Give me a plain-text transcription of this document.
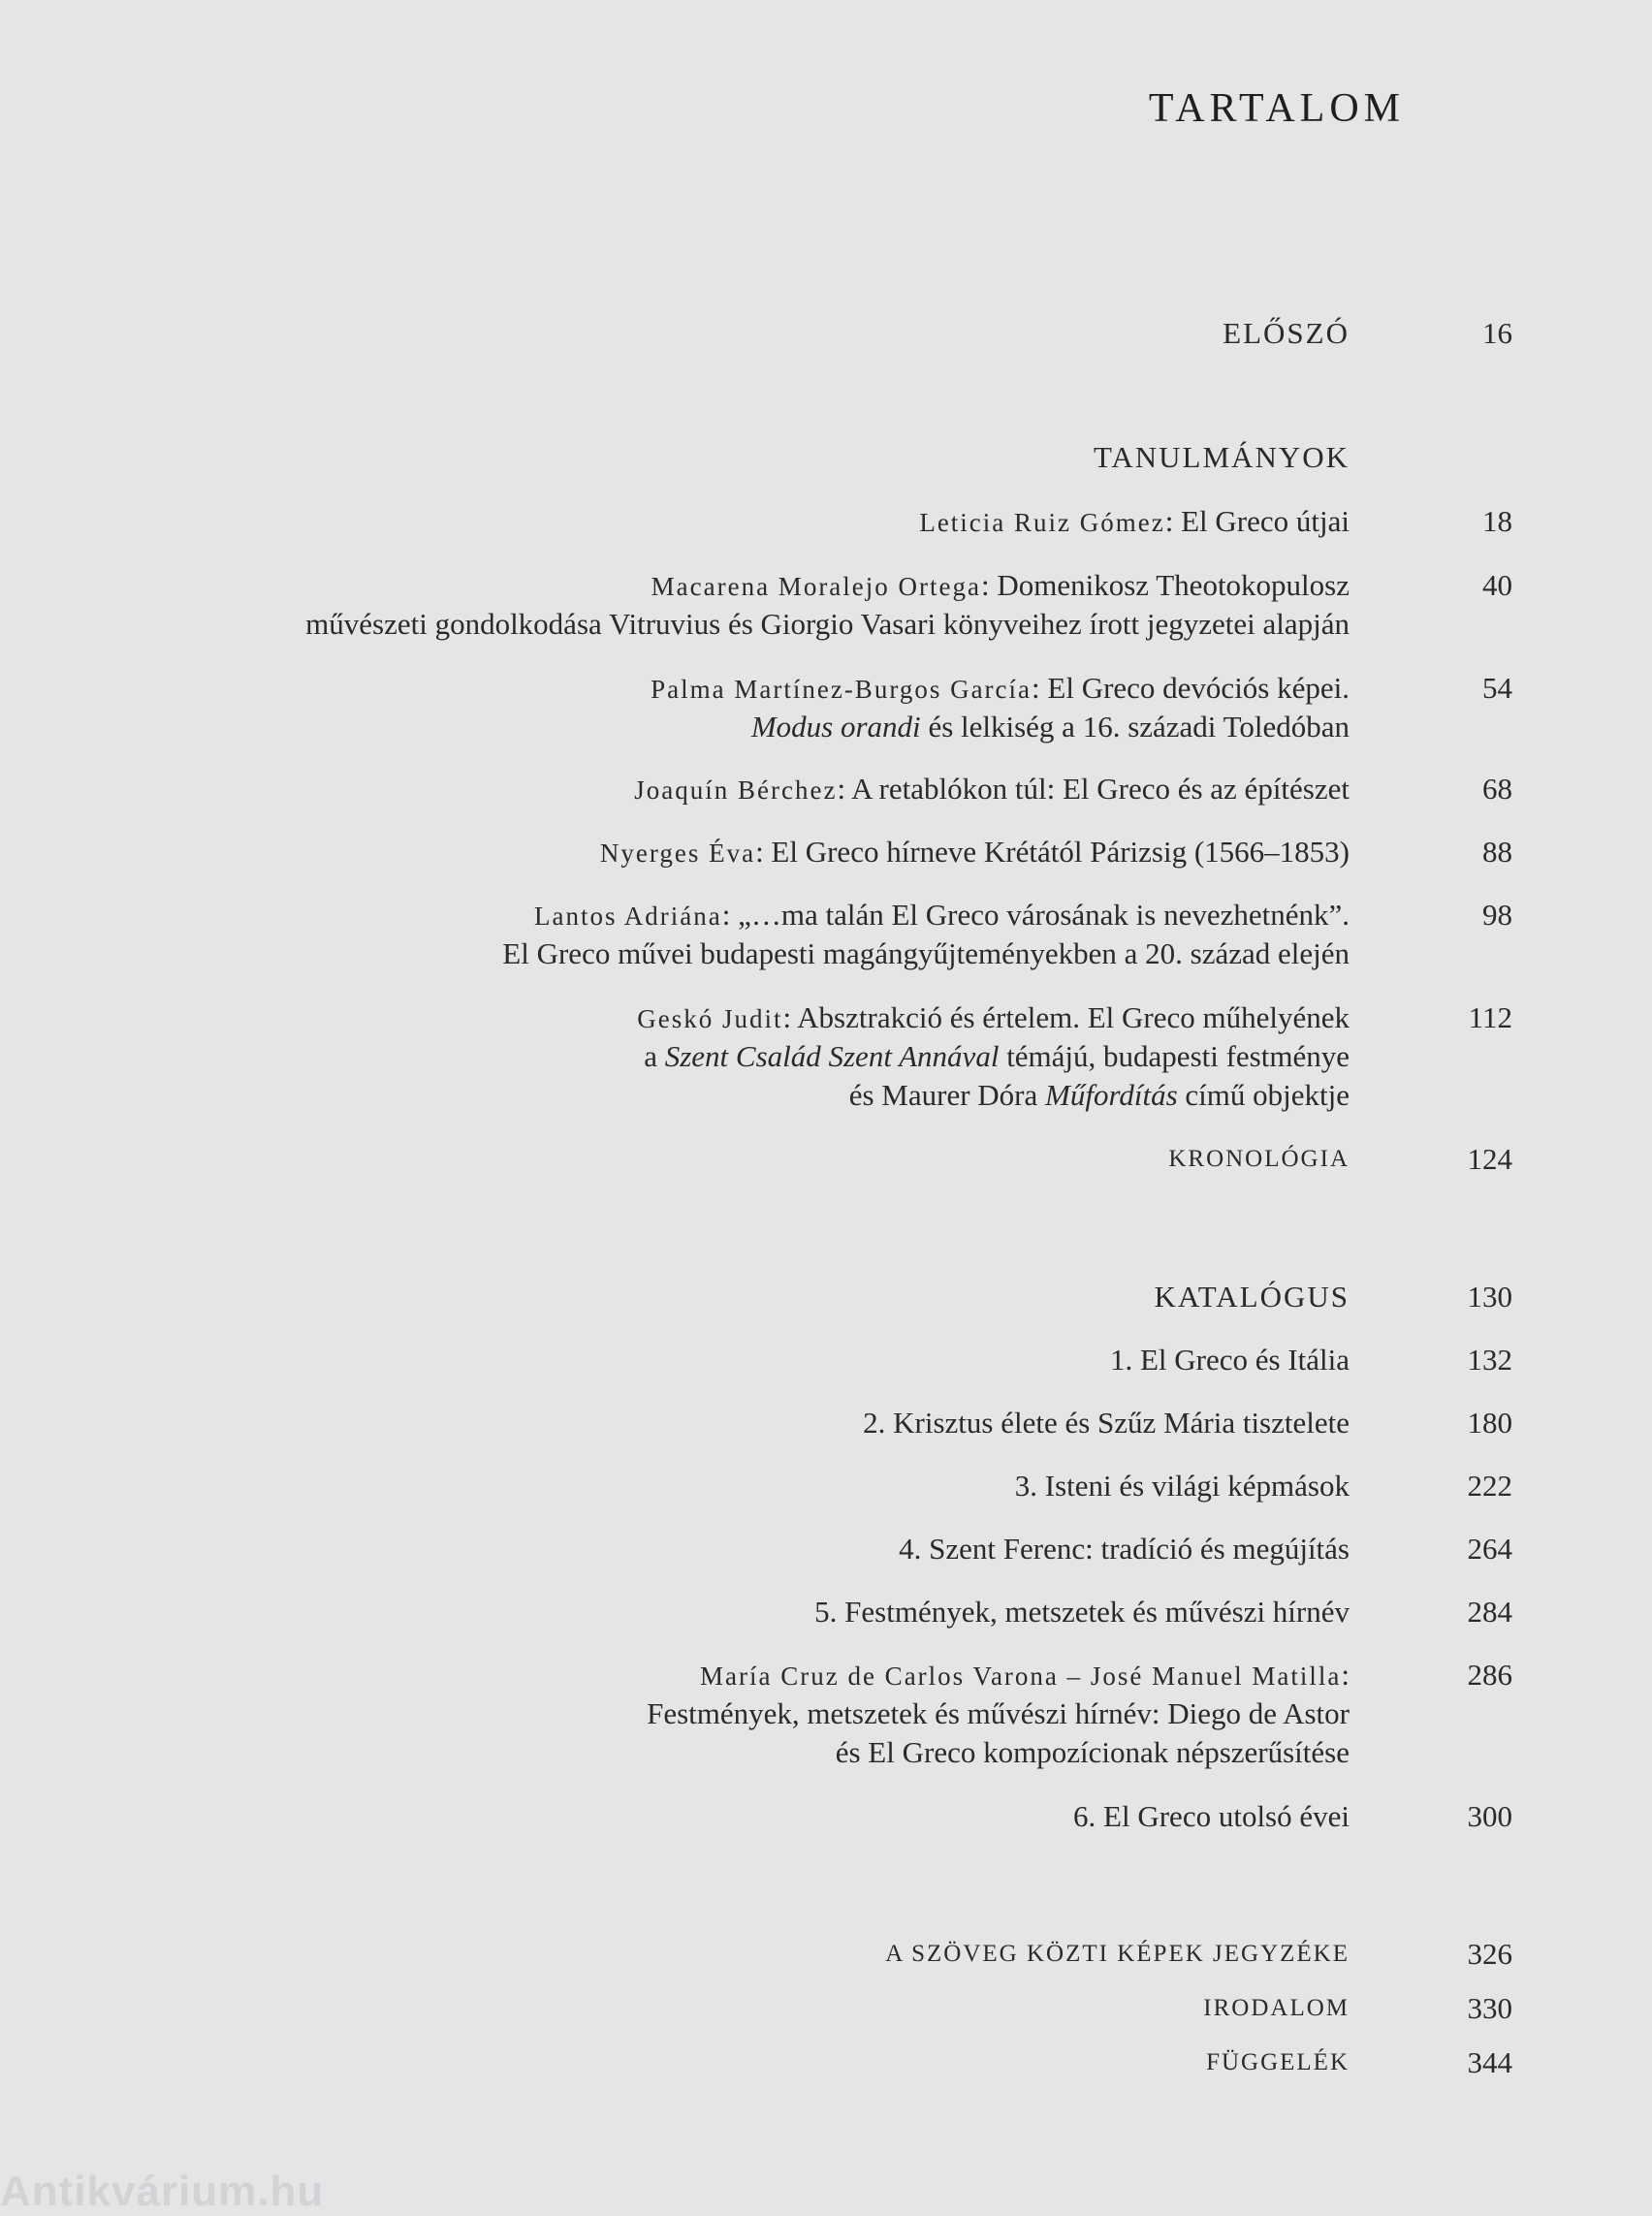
TARTALOM
ELŐSZÓ	16
TANULMÁNYOK
Leticia Ruiz Gómez: El Greco útjai	18
Macarena Moralejo Ortega: Domenikosz Theotokopulosz	40
művészeti gondolkodása Vitruvius és Giorgio Vasari könyveihez írott jegyzetei alapján
Palma Martínez-Burgos García: El Greco devóciós képei.	54
Modus orandi és lelkiség a 16. századi Toledóban
Joaquín Bérchez: A retablókon túl: El Greco és az építészet	68
Nyerges Éva: El Greco hírneve Krétától Párizsig (1566–1853)	88
Lantos Adriána: „…ma talán El Greco városának is nevezhetnénk”.	98
El Greco művei budapesti magángyűjteményekben a 20. század elején
Geskó Judit: Absztrakció és értelem. El Greco műhelyének	112
a Szent Család Szent Annával témájú, budapesti festménye
és Maurer Dóra Műfordítás című objektje
KRONOLÓGIA	124
KATALÓGUS	130
1. El Greco és Itália	132
2. Krisztus élete és Szűz Mária tisztelete	180
3. Isteni és világi képmások	222
4. Szent Ferenc: tradíció és megújítás	264
5. Festmények, metszetek és művészi hírnév	284
María Cruz de Carlos Varona – José Manuel Matilla:	286
Festmények, metszetek és művészi hírnév: Diego de Astor
és El Greco kompozícionak népszerűsítése
6. El Greco utolsó évei	300
A SZÖVEG KÖZTI KÉPEK JEGYZÉKE	326
IRODALOM	330
FÜGGELÉK	344
Antikvárium.hu
